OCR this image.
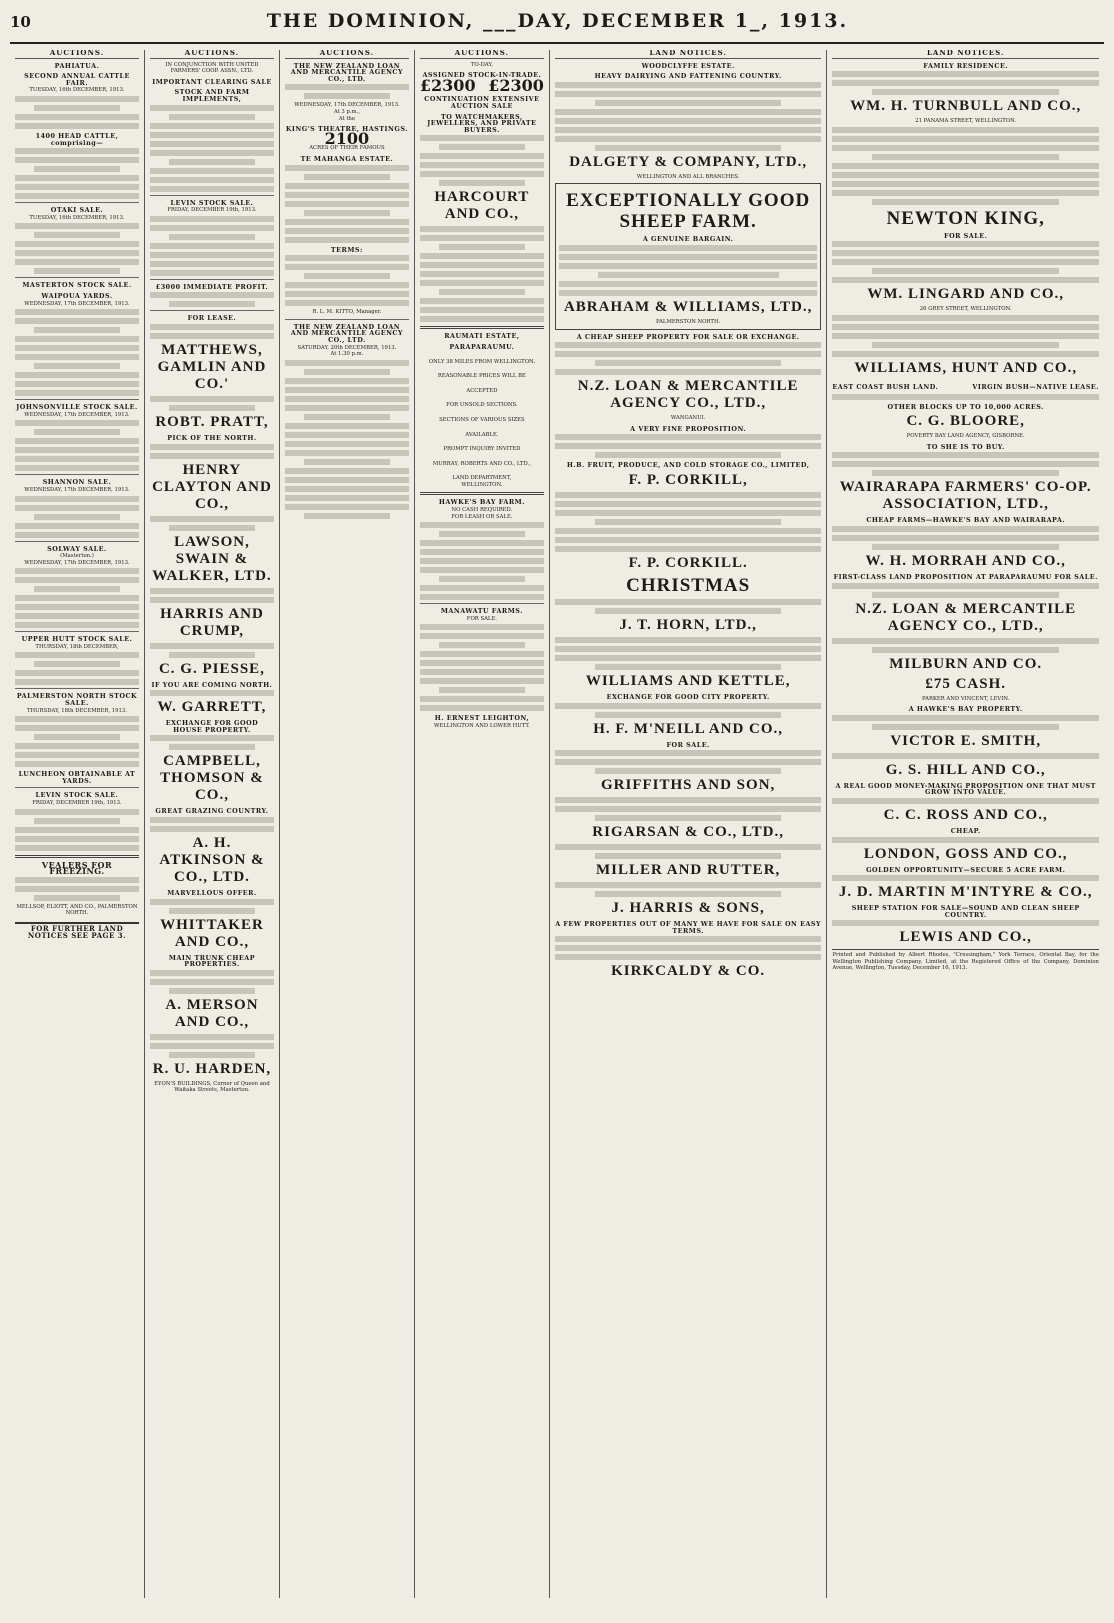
10	THE DOMINION, ___DAY, DECEMBER 1_, 1913.
AUCTIONS.
PAHIATUA.
SECOND ANNUAL CATTLE FAIR.
TUESDAY, 16th DECEMBER, 1913.
1400 HEAD CATTLE, comprising—
OTAKI SALE.
TUESDAY, 16th DECEMBER, 1913.
MASTERTON STOCK SALE.
WAIPOUA YARDS.
WEDNESDAY, 17th DECEMBER, 1913.
JOHNSONVILLE STOCK SALE.
WEDNESDAY, 17th DECEMBER, 1913.
SHANNON SALE.
WEDNESDAY, 17th DECEMBER, 1913.
SOLWAY SALE.
(Masterton.)
WEDNESDAY, 17th DECEMBER, 1913.
UPPER HUTT STOCK SALE.
THURSDAY, 18th DECEMBER,
PALMERSTON NORTH STOCK SALE.
THURSDAY, 18th DECEMBER, 1913.
LUNCHEON OBTAINABLE AT YARDS.
LEVIN STOCK SALE.
FRIDAY, DECEMBER 19th, 1913.
VEALERS FOR FREEZING.
MELLSOP, ELIOTT, AND CO., PALMERSTON NORTH.
FOR FURTHER LAND NOTICES SEE PAGE 3.
AUCTIONS.
IN CONJUNCTION WITH UNITED FARMERS' COOP. ASSN., LTD.
IMPORTANT CLEARING SALE
STOCK AND FARM IMPLEMENTS,
LEVIN STOCK SALE.
FRIDAY, DECEMBER 19th, 1913.
£3000 IMMEDIATE PROFIT.
FOR LEASE.
MATTHEWS, GAMLIN AND CO.'
ROBT. PRATT,
PICK OF THE NORTH.
HENRY CLAYTON AND CO.,
LAWSON, SWAIN & WALKER, LTD.
HARRIS AND CRUMP,
C. G. PIESSE,
IF YOU ARE COMING NORTH.
W. GARRETT,
EXCHANGE FOR GOOD HOUSE PROPERTY.
CAMPBELL, THOMSON & CO.,
GREAT GRAZING COUNTRY.
A. H. ATKINSON & CO., LTD.
MARVELLOUS OFFER.
WHITTAKER AND CO.,
MAIN TRUNK CHEAP PROPERTIES.
A. MERSON AND CO.,
R. U. HARDEN,
EYON'S BUILDINGS, Corner of Queen and Waitaka Streets, Masterton.
AUCTIONS.
THE NEW ZEALAND LOAN AND MERCANTILE AGENCY CO., LTD.
WEDNESDAY, 17th DECEMBER, 1913.
At 3 p.m.,
At the
KING'S THEATRE, HASTINGS.
2100
ACRES OF THEIR FAMOUS
TE MAHANGA ESTATE.
TERMS:
R. L. M. KITTO, Manager.
THE NEW ZEALAND LOAN AND MERCANTILE AGENCY CO., LTD.
SATURDAY, 20th DECEMBER, 1913.
At 1.30 p.m.
AUCTIONS.
TO-DAY,
ASSIGNED STOCK-IN-TRADE.
£2300 £2300
CONTINUATION EXTENSIVE AUCTION SALE
TO WATCHMAKERS, JEWELLERS, AND PRIVATE BUYERS.
HARCOURT AND CO.,
RAUMATI ESTATE,
PARAPARAUMU.
ONLY 38 MILES FROM WELLINGTON.
REASONABLE PRICES WILL BE
ACCEPTED
FOR UNSOLD SECTIONS.
SECTIONS OF VARIOUS SIZES
AVAILABLE.
PROMPT INQUIRY INVITED
MURRAY, ROBERTS AND CO., LTD.,
LAND DEPARTMENT,
WELLINGTON.
HAWKE'S BAY FARM.
NO CASH REQUIRED.
FOR LEASH OR SALE.
MANAWATU FARMS.
FOR SALE.
H. ERNEST LEIGHTON,
WELLINGTON AND LOWER HUTT.
LAND NOTICES.
WOODCLYFFE ESTATE.
HEAVY DAIRYING AND FATTENING COUNTRY.
DALGETY & COMPANY, LTD.,
WELLINGTON AND ALL BRANCHES.
EXCEPTIONALLY GOOD SHEEP FARM.
A GENUINE BARGAIN.
ABRAHAM & WILLIAMS, LTD.,
PALMERSTON NORTH.
A CHEAP SHEEP PROPERTY FOR SALE OR EXCHANGE.
N.Z. LOAN & MERCANTILE AGENCY CO., LTD.,
WANGANUI.
A VERY FINE PROPOSITION.
H.B. FRUIT, PRODUCE, AND COLD STORAGE CO., LIMITED,
F. P. CORKILL,
F. P. CORKILL.
CHRISTMAS
J. T. HORN, LTD.,
WILLIAMS AND KETTLE,
EXCHANGE FOR GOOD CITY PROPERTY.
H. F. M'NEILL AND CO.,
FOR SALE.
GRIFFITHS AND SON,
RIGARSAN & CO., LTD.,
MILLER AND RUTTER,
J. HARRIS & SONS,
A FEW PROPERTIES OUT OF MANY WE HAVE FOR SALE ON EASY TERMS.
KIRKCALDY & CO.
LAND NOTICES.
FAMILY RESIDENCE.
WM. H. TURNBULL AND CO.,
21 PANAMA STREET, WELLINGTON.
NEWTON KING,
FOR SALE.
WM. LINGARD AND CO.,
26 GREY STREET, WELLINGTON.
WILLIAMS, HUNT AND CO.,
EAST COAST BUSH LAND.	VIRGIN BUSH—NATIVE LEASE.
OTHER BLOCKS UP TO 10,000 ACRES.
C. G. BLOORE,
POVERTY BAY LAND AGENCY, GISBORNE.
TO SHE IS TO BUY.
WAIRARAPA FARMERS' CO-OP. ASSOCIATION, LTD.,
CHEAP FARMS—HAWKE'S BAY AND WAIRARAPA.
W. H. MORRAH AND CO.,
FIRST-CLASS LAND PROPOSITION AT PARAPARAUMU FOR SALE.
N.Z. LOAN & MERCANTILE AGENCY CO., LTD.,
MILBURN AND CO.
£75 CASH.
PARKER AND VINCENT, LEVIN.
A HAWKE'S BAY PROPERTY.
VICTOR E. SMITH,
G. S. HILL AND CO.,
A REAL GOOD MONEY-MAKING PROPOSITION ONE THAT MUST GROW INTO VALUE.
C. C. ROSS AND CO.,
CHEAP.
LONDON, GOSS AND CO.,
GOLDEN OPPORTUNITY—SECURE 5 ACRE FARM.
J. D. MARTIN M'INTYRE & CO.,
SHEEP STATION FOR SALE—SOUND AND CLEAN SHEEP COUNTRY.
LEWIS AND CO.,
Printed and Published by Albert Rhodes, "Cressingham," York Terrace, Oriental Bay, for the Wellington Publishing Company, Limited, at the Registered Office of the Company, Dominion Avenue, Wellington, Tuesday, December 16, 1913.
